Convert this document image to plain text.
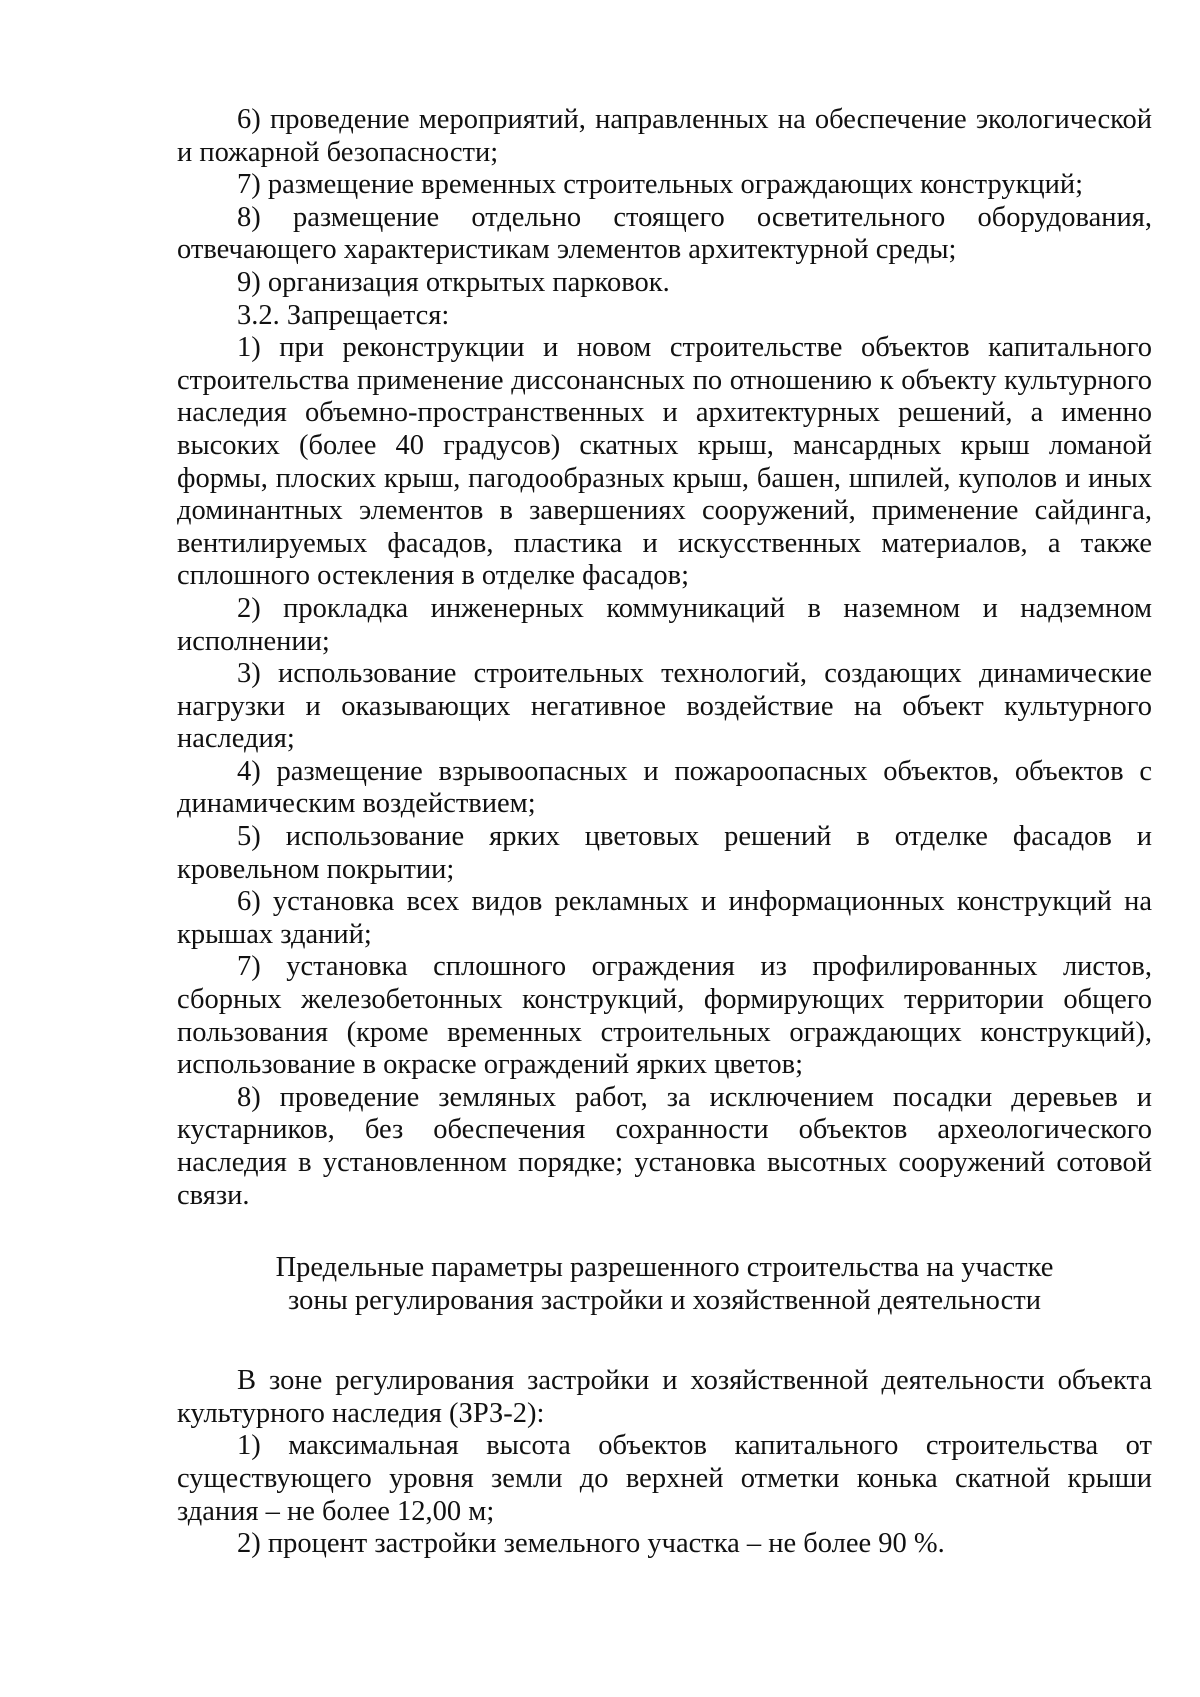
6) проведение мероприятий, направленных на обеспечение экологической и пожарной безопасности;

7) размещение временных строительных ограждающих конструкций;

8) размещение отдельно стоящего осветительного оборудования, отвечающего характеристикам элементов архитектурной среды;

9) организация открытых парковок.

3.2. Запрещается:

1) при реконструкции и новом строительстве объектов капитального строительства применение диссонансных по отношению к объекту культурного наследия объемно-пространственных и архитектурных решений, а именно высоких (более 40 градусов) скатных крыш, мансардных крыш ломаной формы, плоских крыш, пагодообразных крыш, башен, шпилей, куполов и иных доминантных элементов в завершениях сооружений, применение сайдинга, вентилируемых фасадов, пластика и искусственных материалов, а также сплошного остекления в отделке фасадов;

2) прокладка инженерных коммуникаций в наземном и надземном исполнении;

3) использование строительных технологий, создающих динамические нагрузки и оказывающих негативное воздействие на объект культурного наследия;

4) размещение взрывоопасных и пожароопасных объектов, объектов с динамическим воздействием;

5) использование ярких цветовых решений в отделке фасадов и кровельном покрытии;

6) установка всех видов рекламных и информационных конструкций на крышах зданий;

7) установка сплошного ограждения из профилированных листов, сборных железобетонных конструкций, формирующих территории общего пользования (кроме временных строительных ограждающих конструкций), использование в окраске ограждений ярких цветов;

8) проведение земляных работ, за исключением посадки деревьев и кустарников, без обеспечения сохранности объектов археологического наследия в установленном порядке; установка высотных сооружений сотовой связи.

Предельные параметры разрешенного строительства на участке
зоны регулирования застройки и хозяйственной деятельности

В зоне регулирования застройки и хозяйственной деятельности объекта культурного наследия (ЗРЗ-2):

1) максимальная высота объектов капитального строительства от существующего уровня земли до верхней отметки конька скатной крыши здания – не более 12,00 м;

2) процент застройки земельного участка – не более 90 %.
